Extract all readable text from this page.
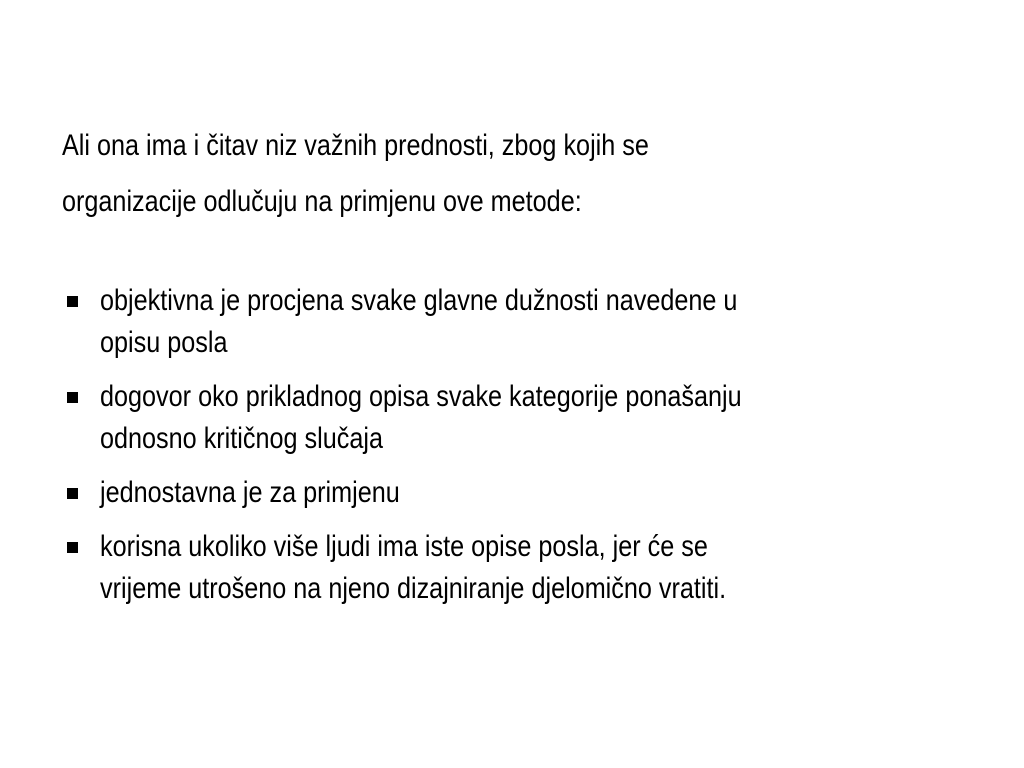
Ali ona ima i čitav niz važnih prednosti, zbog kojih se
organizacije odlučuju na primjenu ove metode:

objektivna je procjena svake glavne dužnosti navedene u
opisu posla
dogovor oko prikladnog opisa svake kategorije ponašanju
odnosno kritičnog slučaja
jednostavna je za primjenu
korisna ukoliko više ljudi ima iste opise posla, jer će se
vrijeme utrošeno na njeno dizajniranje djelomično vratiti.
